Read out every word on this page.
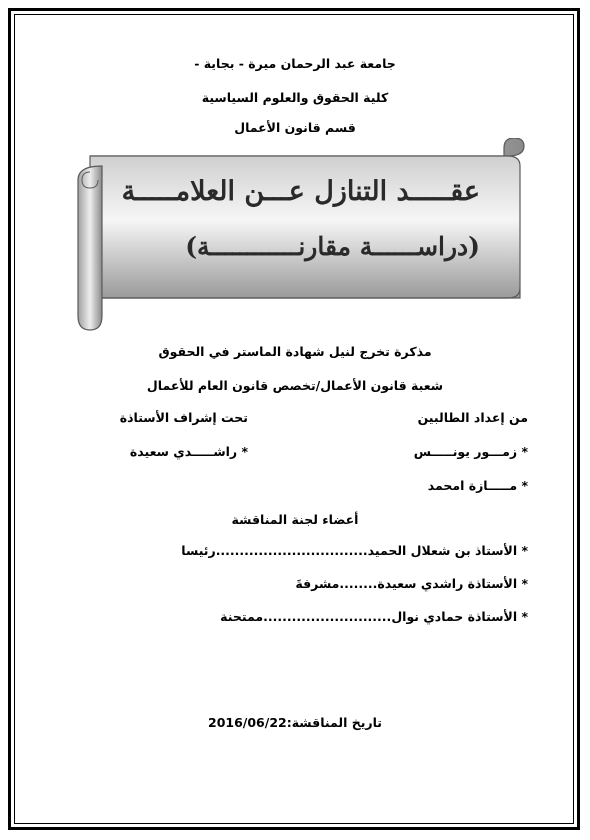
جامعة عبد الرحمان ميرة - بجاية -
كلية الحقوق والعلوم السياسية
قسم قانون الأعمال
عقـــــد التنازل عـــن العلامـــــة
(دراســــــة مقارنــــــــــــة)
مذكرة تخرج لنيل شهادة الماستر في الحقوق
شعبة قانون الأعمال/تخصص قانون العام للأعمال
من إعداد الطالبين
تحت إشراف الأستاذة
* زمـــور يونـــــس
* راشـــــدي سعيدة
* مـــــازة امحمد
أعضاء لجنة المناقشة
* الأستاذ بن شعلال الحميد................................رئيسا
* الأستاذة راشدي سعيدة........مشرفةَ
* الأستاذة حمادي نوال...........................ممتحنة
تاريخ المناقشة:2016/06/22
